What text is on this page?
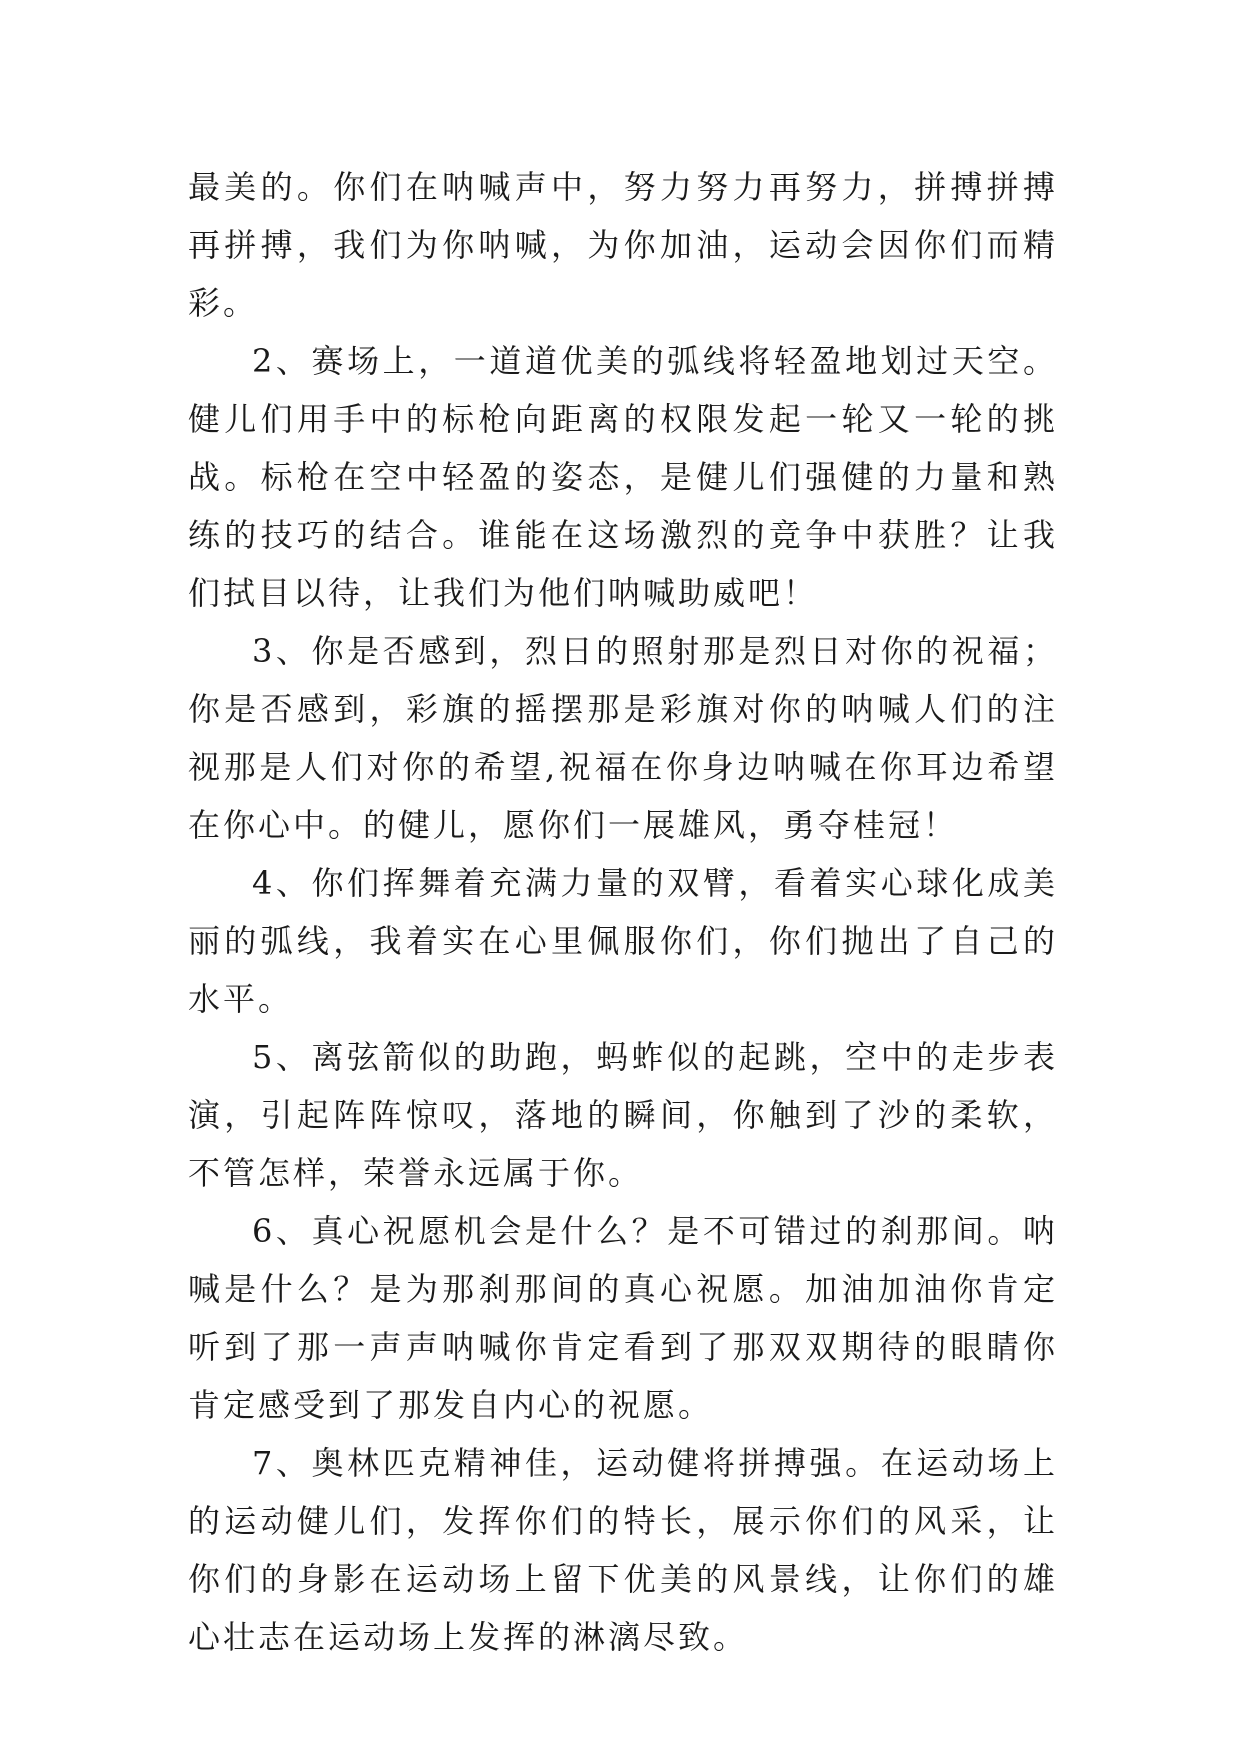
最美的。你们在呐喊声中，努力努力再努力，拼搏拼搏再拼搏，我们为你呐喊，为你加油，运动会因你们而精彩。

2、赛场上，一道道优美的弧线将轻盈地划过天空。健儿们用手中的标枪向距离的权限发起一轮又一轮的挑战。标枪在空中轻盈的姿态，是健儿们强健的力量和熟练的技巧的结合。谁能在这场激烈的竞争中获胜？让我们拭目以待，让我们为他们呐喊助威吧！

3、你是否感到，烈日的照射那是烈日对你的祝福；你是否感到，彩旗的摇摆那是彩旗对你的呐喊人们的注视那是人们对你的希望,祝福在你身边呐喊在你耳边希望在你心中。的健儿，愿你们一展雄风，勇夺桂冠！

4、你们挥舞着充满力量的双臂，看着实心球化成美丽的弧线，我着实在心里佩服你们，你们抛出了自己的水平。

5、离弦箭似的助跑，蚂蚱似的起跳，空中的走步表演，引起阵阵惊叹，落地的瞬间，你触到了沙的柔软，不管怎样，荣誉永远属于你。

6、真心祝愿机会是什么？是不可错过的刹那间。呐喊是什么？是为那刹那间的真心祝愿。加油加油你肯定听到了那一声声呐喊你肯定看到了那双双期待的眼睛你肯定感受到了那发自内心的祝愿。

7、奥林匹克精神佳，运动健将拼搏强。在运动场上的运动健儿们，发挥你们的特长，展示你们的风采，让你们的身影在运动场上留下优美的风景线，让你们的雄心壮志在运动场上发挥的淋漓尽致。
